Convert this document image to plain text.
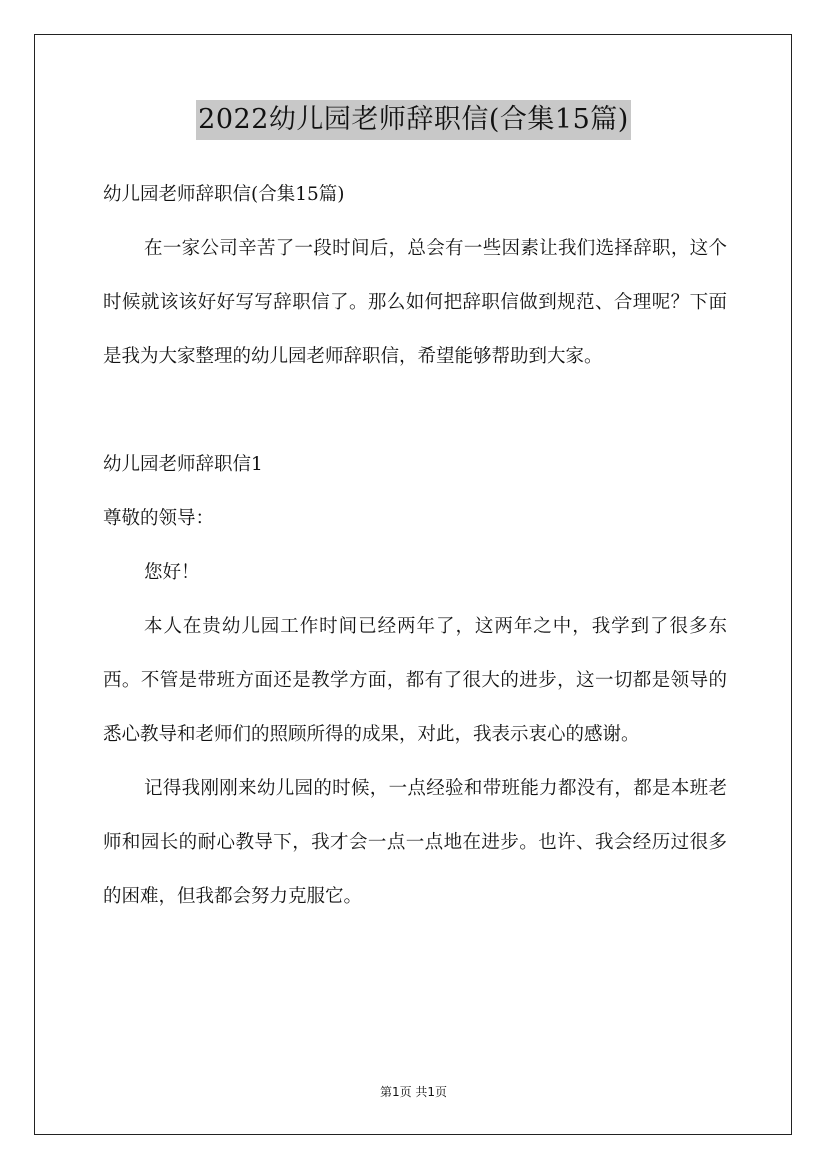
2022幼儿园老师辞职信(合集15篇)

幼儿园老师辞职信(合集15篇)

在一家公司辛苦了一段时间后，总会有一些因素让我们选择辞职，这个时候就该该好好写写辞职信了。那么如何把辞职信做到规范、合理呢？下面是我为大家整理的幼儿园老师辞职信，希望能够帮助到大家。

幼儿园老师辞职信1

尊敬的领导：

您好！

本人在贵幼儿园工作时间已经两年了，这两年之中，我学到了很多东西。不管是带班方面还是教学方面，都有了很大的进步，这一切都是领导的悉心教导和老师们的照顾所得的成果，对此，我表示衷心的感谢。

记得我刚刚来幼儿园的时候，一点经验和带班能力都没有，都是本班老师和园长的耐心教导下，我才会一点一点地在进步。也许、我会经历过很多的困难，但我都会努力克服它。

第1页 共1页
